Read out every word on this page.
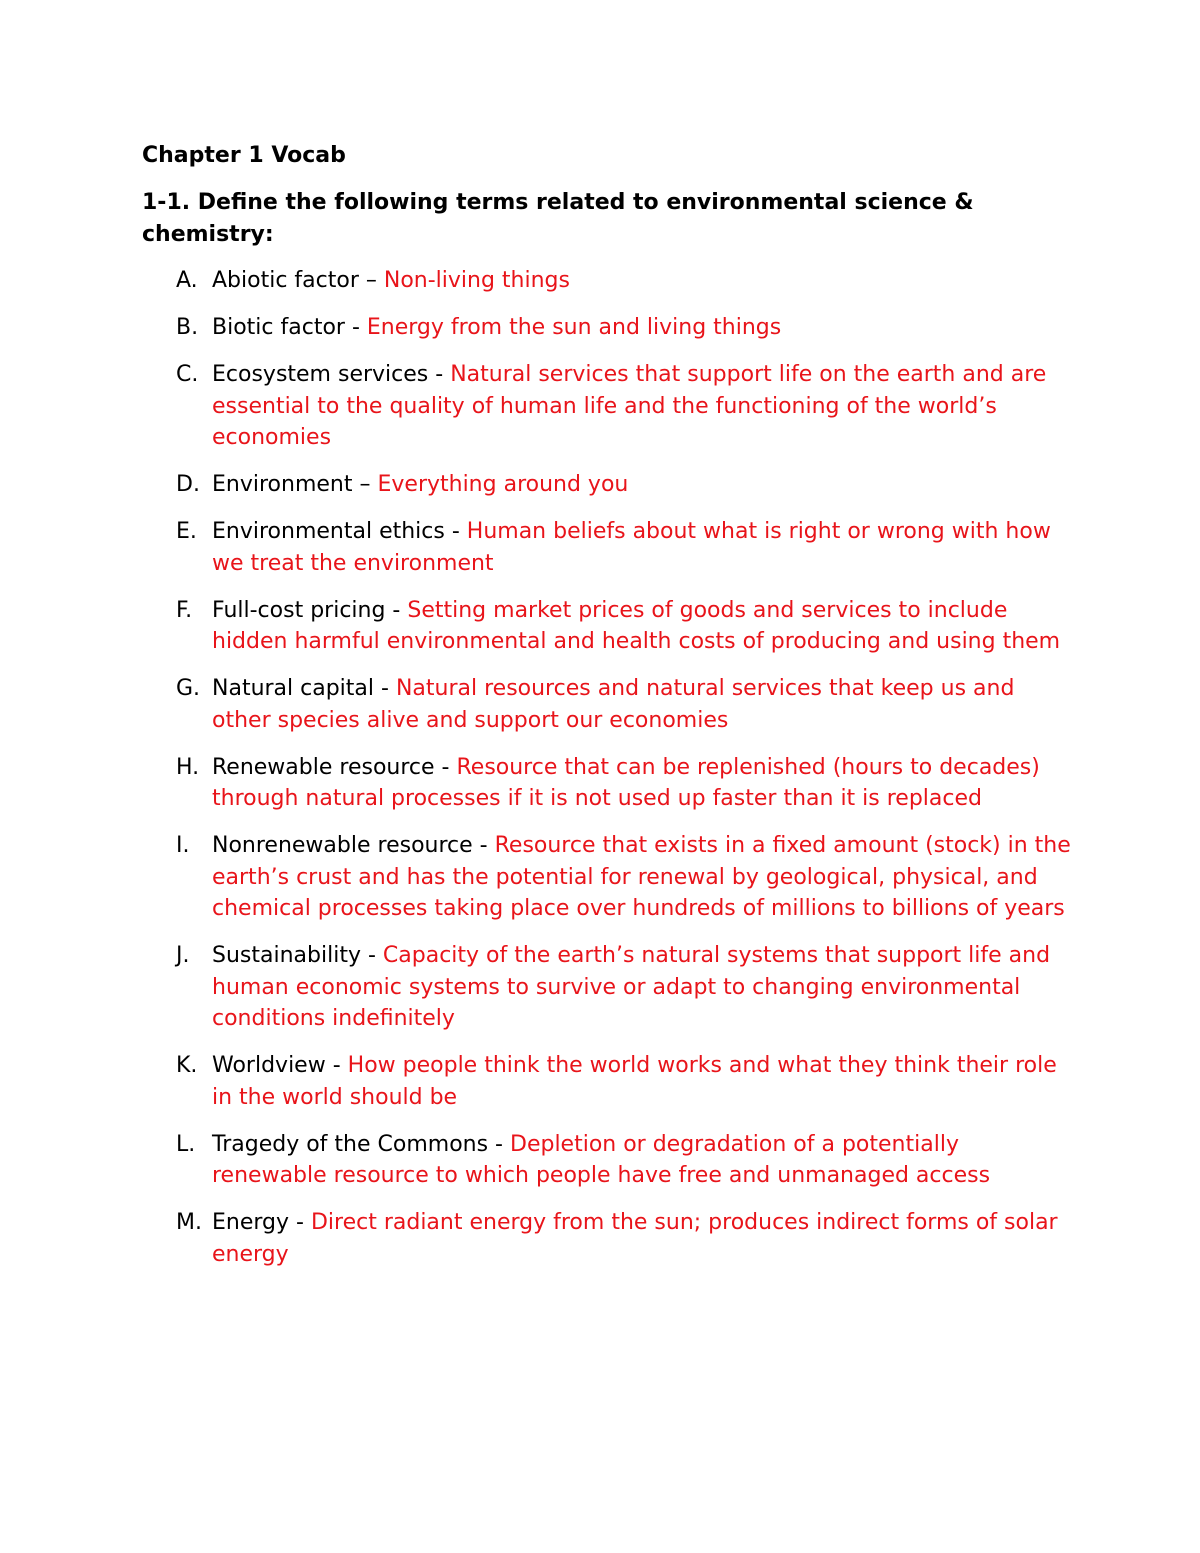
Chapter 1 Vocab

1-1. Define the following terms related to environmental science & chemistry:

A. Abiotic factor – Non-living things
B. Biotic factor - Energy from the sun and living things
C. Ecosystem services - Natural services that support life on the earth and are essential to the quality of human life and the functioning of the world’s economies
D. Environment – Everything around you
E. Environmental ethics - Human beliefs about what is right or wrong with how we treat the environment
F. Full-cost pricing - Setting market prices of goods and services to include hidden harmful environmental and health costs of producing and using them
G. Natural capital - Natural resources and natural services that keep us and other species alive and support our economies
H. Renewable resource - Resource that can be replenished (hours to decades) through natural processes if it is not used up faster than it is replaced
I. Nonrenewable resource - Resource that exists in a fixed amount (stock) in the earth’s crust and has the potential for renewal by geological, physical, and chemical processes taking place over hundreds of millions to billions of years
J. Sustainability - Capacity of the earth’s natural systems that support life and human economic systems to survive or adapt to changing environmental conditions indefinitely
K. Worldview - How people think the world works and what they think their role in the world should be
L. Tragedy of the Commons - Depletion or degradation of a potentially renewable resource to which people have free and unmanaged access
M. Energy - Direct radiant energy from the sun; produces indirect forms of solar energy
